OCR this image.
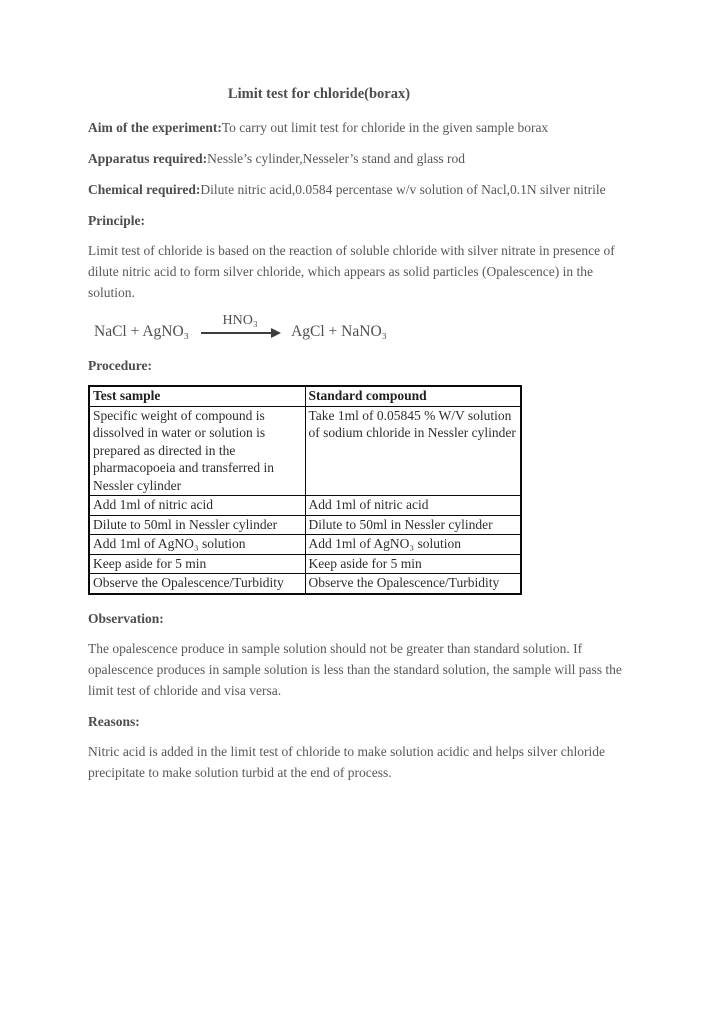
Limit test for chloride(borax)

Aim of the experiment:To carry out limit test for chloride in the given sample borax

Apparatus required:Nessle’s cylinder,Nesseler’s stand and glass rod

Chemical required:Dilute nitric acid,0.0584 percentase w/v solution of Nacl,0.1N silver nitrile

Principle:

Limit test of chloride is based on the reaction of soluble chloride with silver nitrate in presence of dilute nitric acid to form silver chloride, which appears as solid particles (Opalescence) in the solution.

NaCl + AgNO₃
HNO₃
AgCl + NaNO₃

Procedure:

Test sample	Standard compound
Specific weight of compound is dissolved in water or solution is prepared as directed in the pharmacopoeia and transferred in Nessler cylinder	Take 1ml of 0.05845 % W/V solution of sodium chloride in Nessler cylinder
Add 1ml of nitric acid	Add 1ml of nitric acid
Dilute to 50ml in Nessler cylinder	Dilute to 50ml in Nessler cylinder
Add 1ml of AgNO₃ solution	Add 1ml of AgNO₃ solution
Keep aside for 5 min	Keep aside for 5 min
Observe the Opalescence/Turbidity	Observe the Opalescence/Turbidity

Observation:

The opalescence produce in sample solution should not be greater than standard solution. If opalescence produces in sample solution is less than the standard solution, the sample will pass the limit test of chloride and visa versa.

Reasons:

Nitric acid is added in the limit test of chloride to make solution acidic and helps silver chloride precipitate to make solution turbid at the end of process.
